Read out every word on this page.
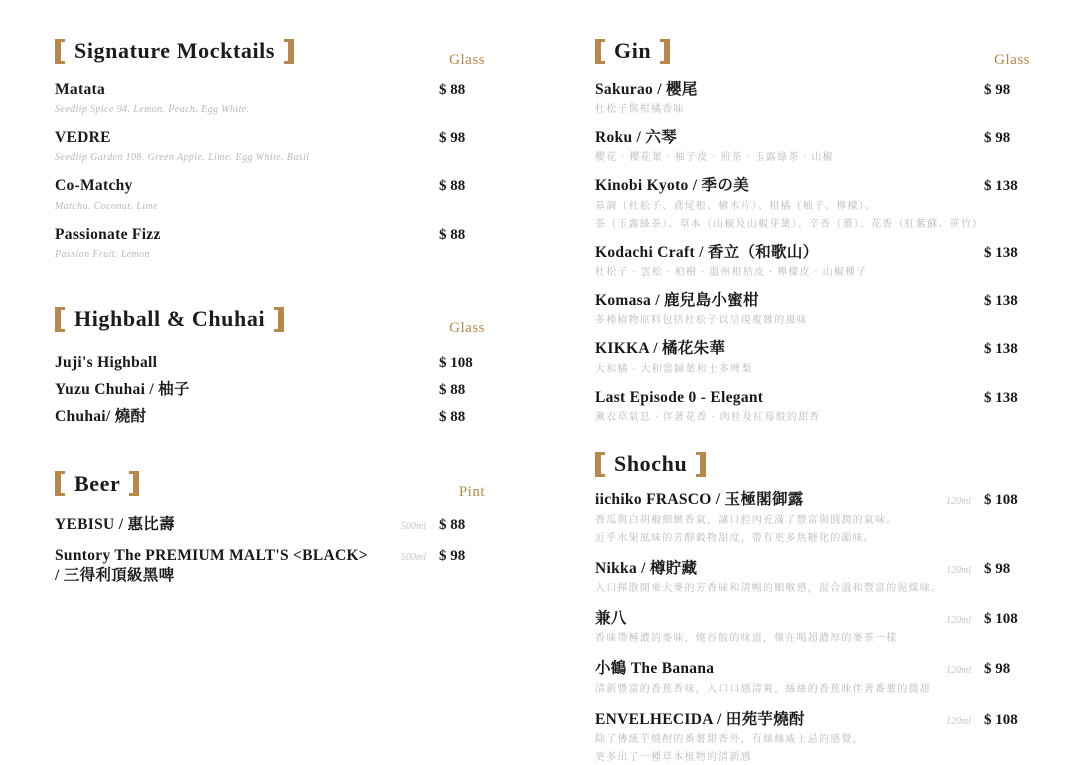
Signature Mocktails	Glass
Matata	$ 88
Seedlip Spice 94. Lemon. Peach. Egg White.
VEDRE	$ 98
Seedlip Garden 108. Green Apple. Lime. Egg White. Basil
Co-Matchy	$ 88
Matcha. Coconut. Lime
Passionate Fizz	$ 88
Passion Fruit. Lemon
Highball & Chuhai	Glass
Juji's Highball	$ 108
Yuzu Chuhai / 柚子	$ 88
Chuhai/ 燒酎	$ 88
Beer	Pint
YEBISU / 惠比壽	500ml $ 88
Suntory The PREMIUM MALT'S <BLACK>	500ml $ 98
/ 三得利頂級黑啤
Gin	Glass
Sakurao / 櫻尾	$ 98
杜松子與柑橘香味
Roku / 六琴	$ 98
櫻花 · 櫻花葉 · 柚子皮 · 煎茶 · 玉露綠茶 · 山椒
Kinobi Kyoto / 季の美	$ 138
基調（杜松子、鳶尾根、檜木片）、柑橘（柚子、檸檬）、
茶（玉露綠茶）、草本（山椒及山椒芽葉）、辛香（薑）、花香（紅紫蘇、笹竹）
Kodachi Craft / 香立（和歌山）	$ 138
杜松子 · 雲松 · 柏樹 · 溫州柑桔皮 · 檸檬皮 · 山椒種子
Komasa / 鹿兒島小蜜柑	$ 138
多種植物原料包括杜松子以呈現複雜的風味
KIKKA / 橘花朱華	$ 138
大和橘 · 大和當歸葉和士多啤梨
Last Episode 0 - Elegant	$ 138
薰衣草氣息 · 伴著花香 · 肉桂及紅莓般的甜香
Shochu
iichiko FRASCO / 玉極閣御露	120ml $ 108
香瓜與白胡椒細緻香氣，讓口腔內充滿了豐富與圓潤的氣味。
近乎水果風味的芳醇穀物甜度，帶有更多焦糖化的韻味。
Nikka / 樽貯藏	120ml $ 98
入口揮散開來大麥的芳香味和清暢的順喉感，混合溫和豐富的泥煤味。
兼八	120ml $ 108
香味帶極濃的麥味，燒谷般的味道，像在喝超濃厚的麥茶一樣
小鶴 The Banana	120ml $ 98
清新豐富的香蕉香味，入口口感清爽，絲絲的香蕉味伴著番薯的微甜
ENVELHECIDA / 田苑芋燒酎	120ml $ 108
除了傳統芋燒酎的番薯甜香外，有絲絲威士忌的感覺，
更多出了一種草本植物的清新感
